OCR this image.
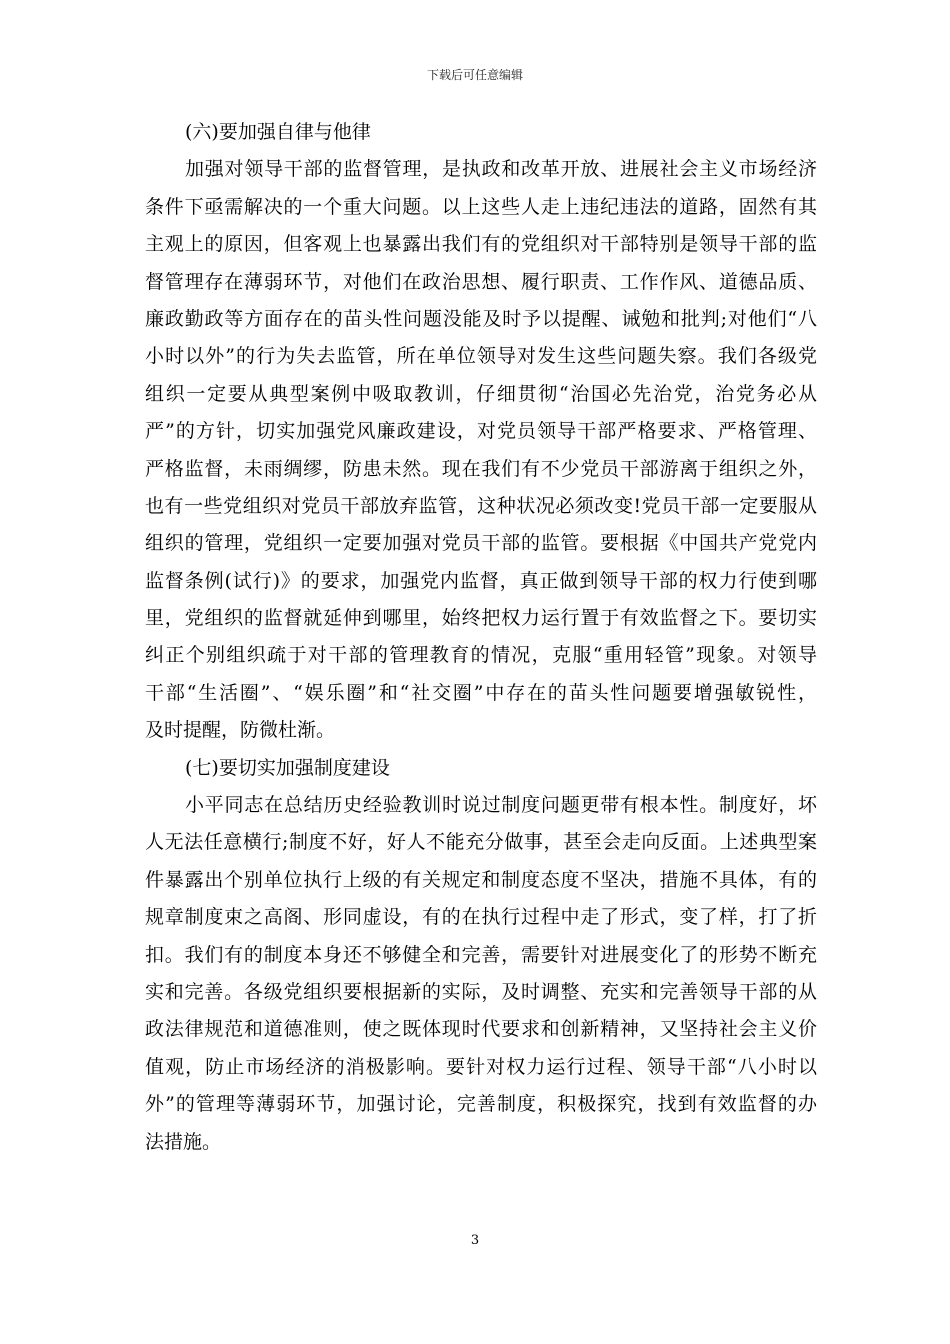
下载后可任意编辑

(六)要加强自律与他律

加强对领导干部的监督管理，是执政和改革开放、进展社会主义市场经济

条件下亟需解决的一个重大问题。以上这些人走上违纪违法的道路，固然有其

主观上的原因，但客观上也暴露出我们有的党组织对干部特别是领导干部的监

督管理存在薄弱环节，对他们在政治思想、履行职责、工作作风、道德品质、

廉政勤政等方面存在的苗头性问题没能及时予以提醒、诫勉和批判;对他们“八

小时以外”的行为失去监管，所在单位领导对发生这些问题失察。我们各级党

组织一定要从典型案例中吸取教训，仔细贯彻“治国必先治党，治党务必从

严”的方针，切实加强党风廉政建设，对党员领导干部严格要求、严格管理、

严格监督，未雨绸缪，防患未然。现在我们有不少党员干部游离于组织之外，

也有一些党组织对党员干部放弃监管，这种状况必须改变!党员干部一定要服从

组织的管理，党组织一定要加强对党员干部的监管。要根据《中国共产党党内

监督条例(试行)》的要求，加强党内监督，真正做到领导干部的权力行使到哪

里，党组织的监督就延伸到哪里，始终把权力运行置于有效监督之下。要切实

纠正个别组织疏于对干部的管理教育的情况，克服“重用轻管”现象。对领导

干部“生活圈”、“娱乐圈”和“社交圈”中存在的苗头性问题要增强敏锐性，

及时提醒，防微杜渐。

(七)要切实加强制度建设

小平同志在总结历史经验教训时说过制度问题更带有根本性。制度好，坏

人无法任意横行;制度不好，好人不能充分做事，甚至会走向反面。上述典型案

件暴露出个别单位执行上级的有关规定和制度态度不坚决，措施不具体，有的

规章制度束之高阁、形同虚设，有的在执行过程中走了形式，变了样，打了折

扣。我们有的制度本身还不够健全和完善，需要针对进展变化了的形势不断充

实和完善。各级党组织要根据新的实际，及时调整、充实和完善领导干部的从

政法律规范和道德准则，使之既体现时代要求和创新精神，又坚持社会主义价

值观，防止市场经济的消极影响。要针对权力运行过程、领导干部“八小时以

外”的管理等薄弱环节，加强讨论，完善制度，积极探究，找到有效监督的办

法措施。

3
